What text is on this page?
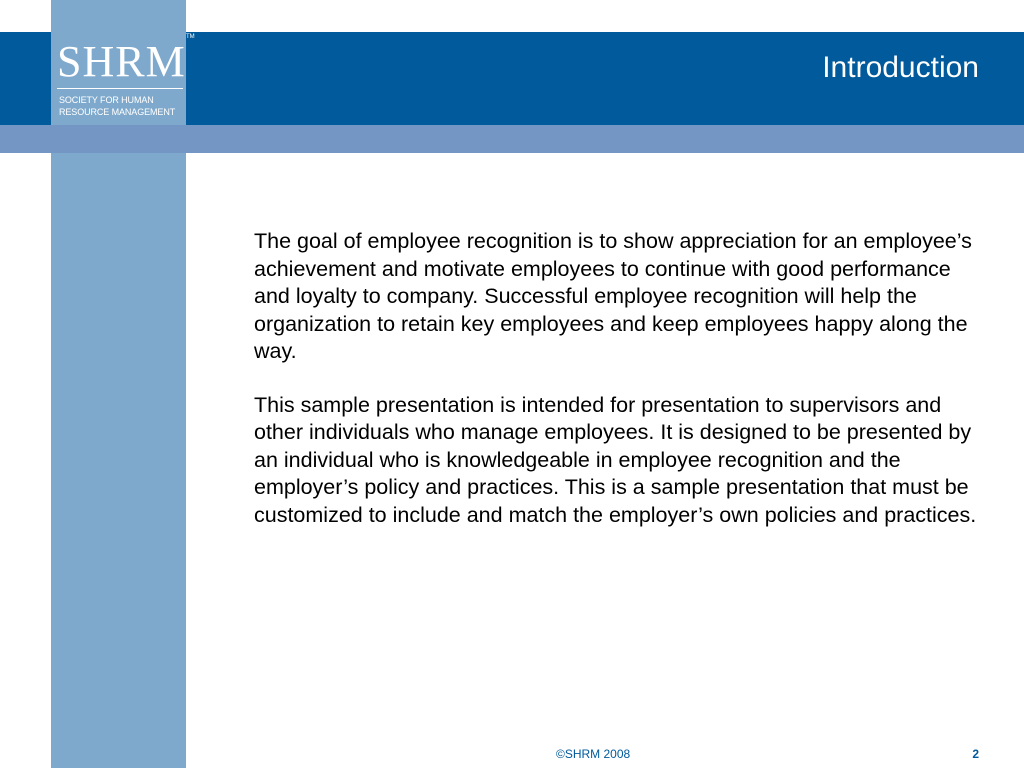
SHRM TM
SOCIETY FOR HUMAN
RESOURCE MANAGEMENT
Introduction

The goal of employee recognition is to show appreciation for an employee’s achievement and motivate employees to continue with good performance and loyalty to company. Successful employee recognition will help the organization to retain key employees and keep employees happy along the way.

This sample presentation is intended for presentation to supervisors and other individuals who manage employees. It is designed to be presented by an individual who is knowledgeable in employee recognition and the employer’s policy and practices. This is a sample presentation that must be customized to include and match the employer’s own policies and practices.

©SHRM 2008	2
